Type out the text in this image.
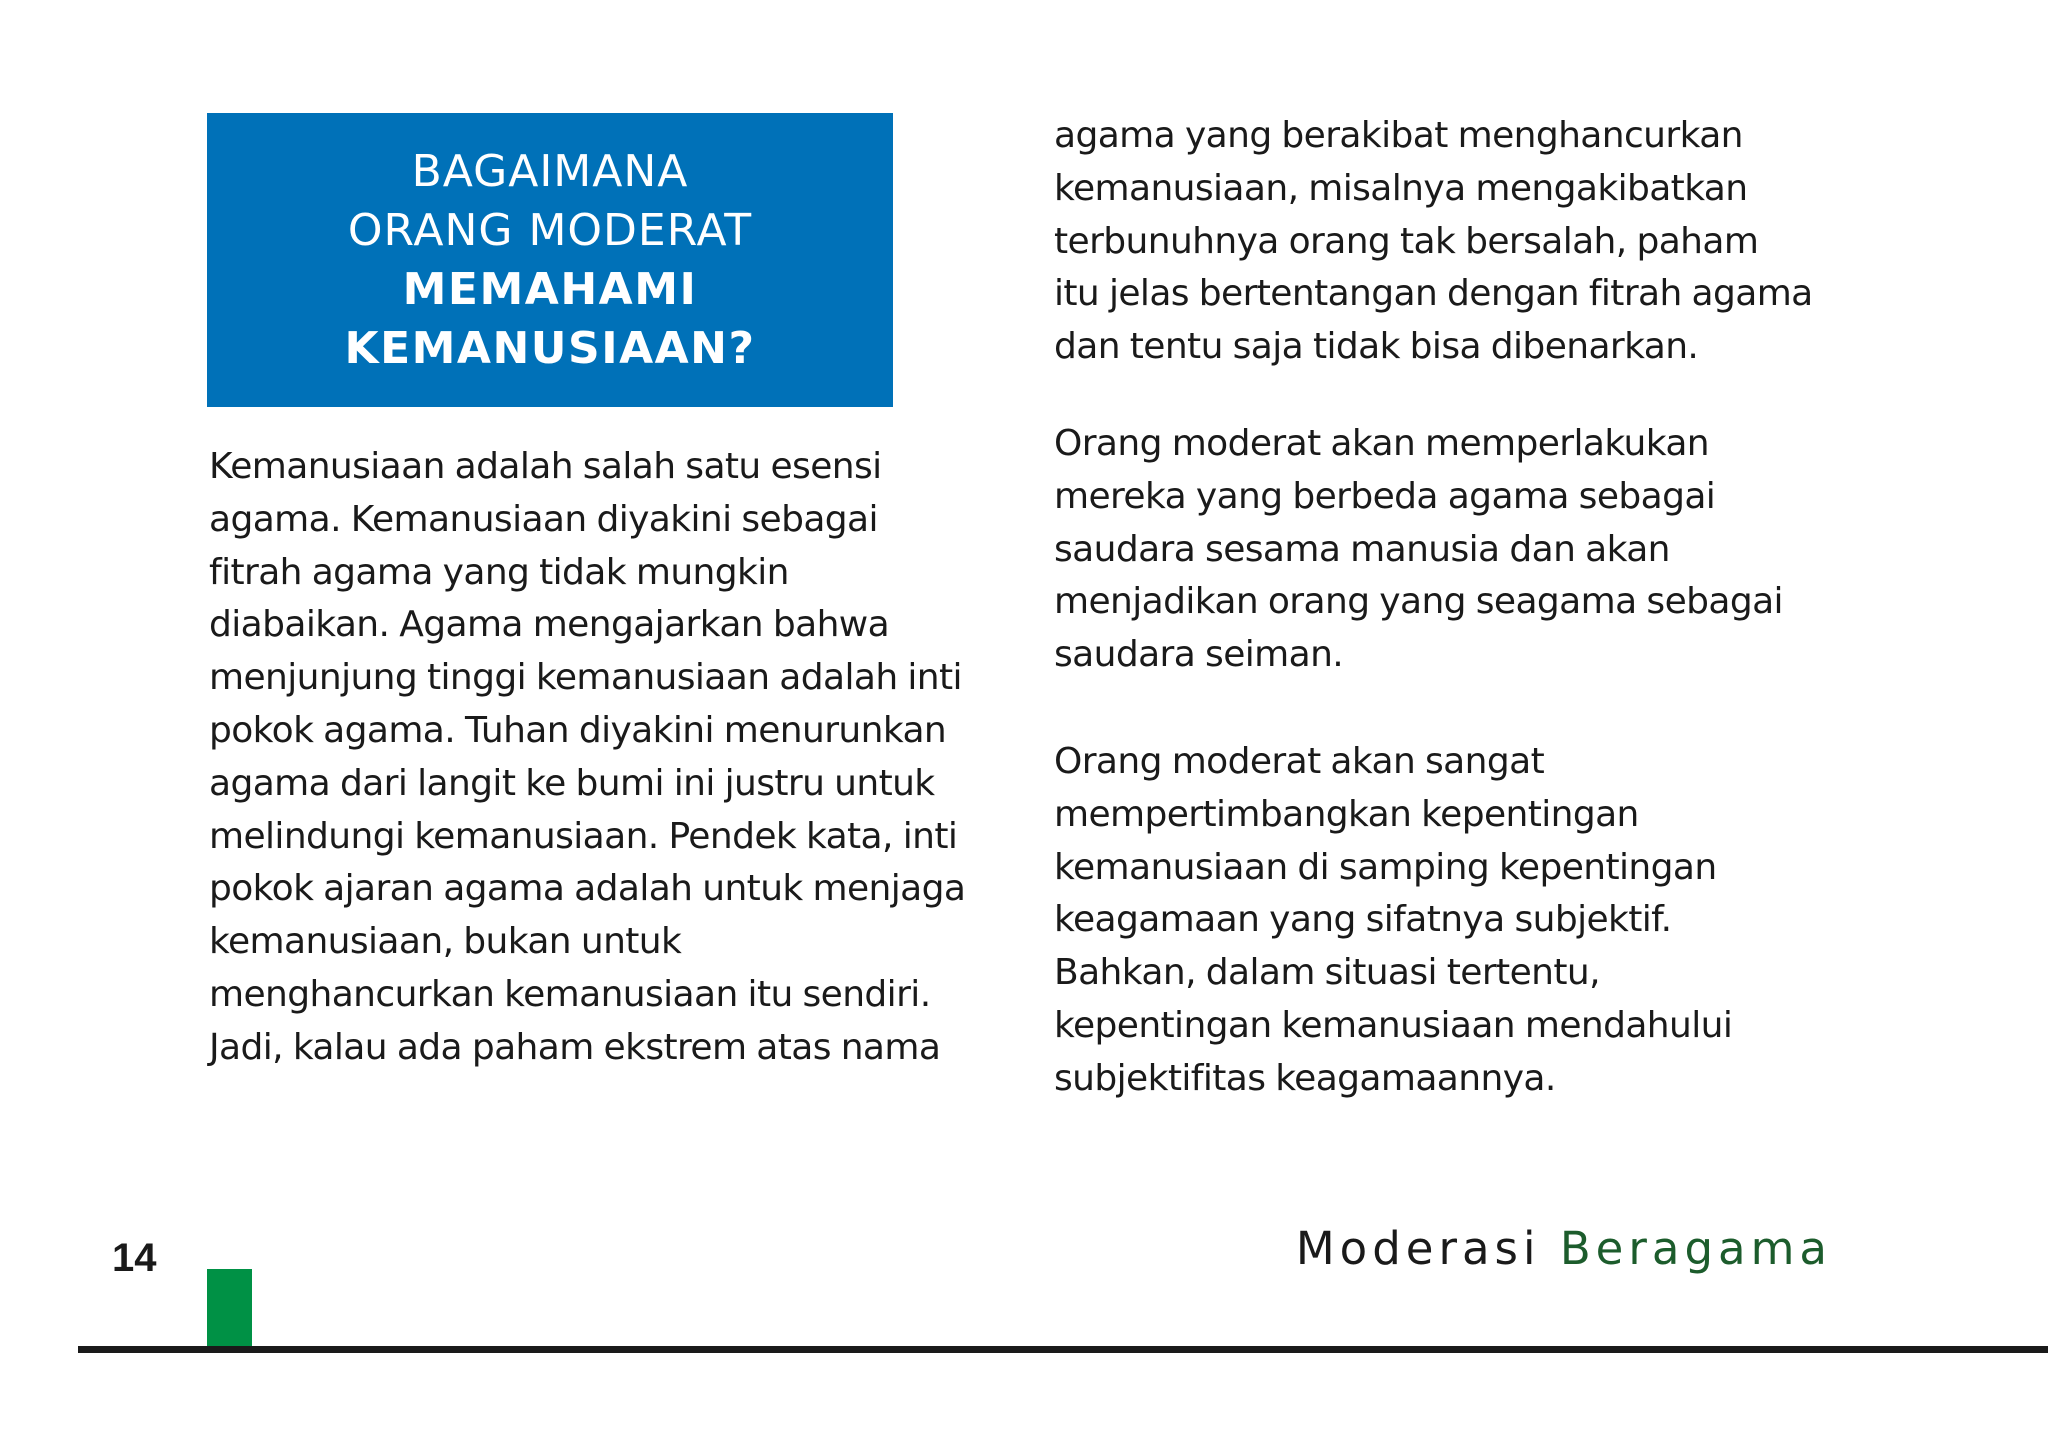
BAGAIMANA
ORANG MODERAT
MEMAHAMI
KEMANUSIAAN?

Kemanusiaan adalah salah satu esensi
agama. Kemanusiaan diyakini sebagai
fitrah agama yang tidak mungkin
diabaikan. Agama mengajarkan bahwa
menjunjung tinggi kemanusiaan adalah inti
pokok agama. Tuhan diyakini menurunkan
agama dari langit ke bumi ini justru untuk
melindungi kemanusiaan. Pendek kata, inti
pokok ajaran agama adalah untuk menjaga
kemanusiaan, bukan untuk
menghancurkan kemanusiaan itu sendiri.
Jadi, kalau ada paham ekstrem atas nama

agama yang berakibat menghancurkan
kemanusiaan, misalnya mengakibatkan
terbunuhnya orang tak bersalah, paham
itu jelas bertentangan dengan fitrah agama
dan tentu saja tidak bisa dibenarkan.

Orang moderat akan memperlakukan
mereka yang berbeda agama sebagai
saudara sesama manusia dan akan
menjadikan orang yang seagama sebagai
saudara seiman.

Orang moderat akan sangat
mempertimbangkan kepentingan
kemanusiaan di samping kepentingan
keagamaan yang sifatnya subjektif.
Bahkan, dalam situasi tertentu,
kepentingan kemanusiaan mendahului
subjektifitas keagamaannya.

14	Moderasi Beragama
